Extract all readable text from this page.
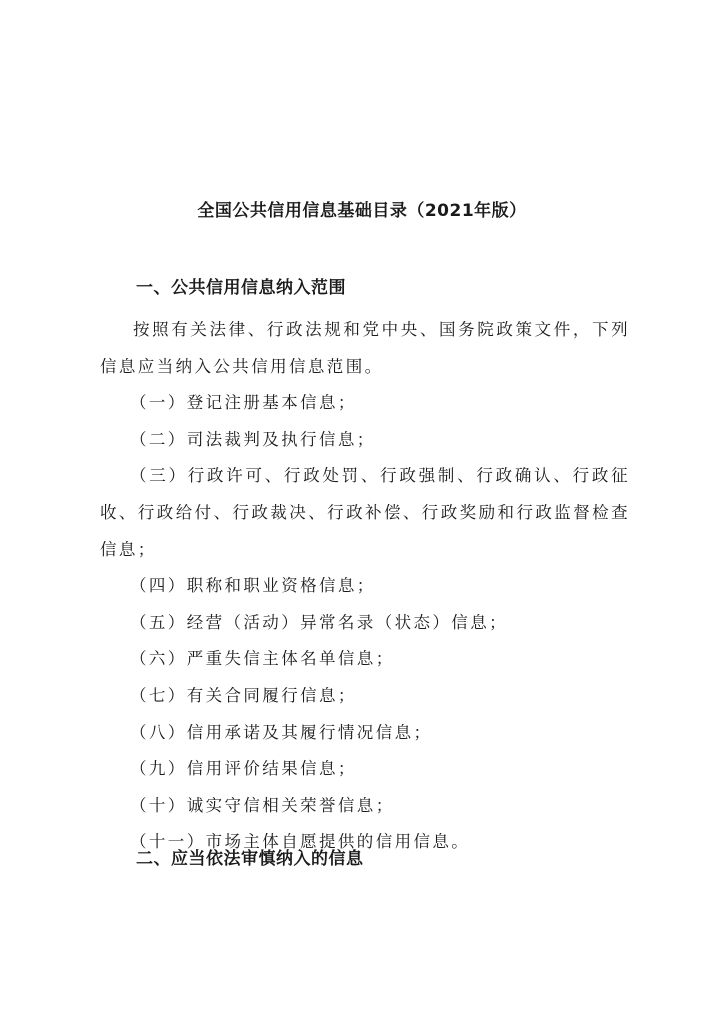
全国公共信用信息基础目录（2021年版）
一、公共信用信息纳入范围

按照有关法律、行政法规和党中央、国务院政策文件，下列信息应当纳入公共信用信息范围。

（一）登记注册基本信息；

（二）司法裁判及执行信息；

（三）行政许可、行政处罚、行政强制、行政确认、行政征收、行政给付、行政裁决、行政补偿、行政奖励和行政监督检查信息；

（四）职称和职业资格信息；

（五）经营（活动）异常名录（状态）信息；

（六）严重失信主体名单信息；

（七）有关合同履行信息；

（八）信用承诺及其履行情况信息；

（九）信用评价结果信息；

（十）诚实守信相关荣誉信息；

（十一）市场主体自愿提供的信用信息。

二、应当依法审慎纳入的信息
